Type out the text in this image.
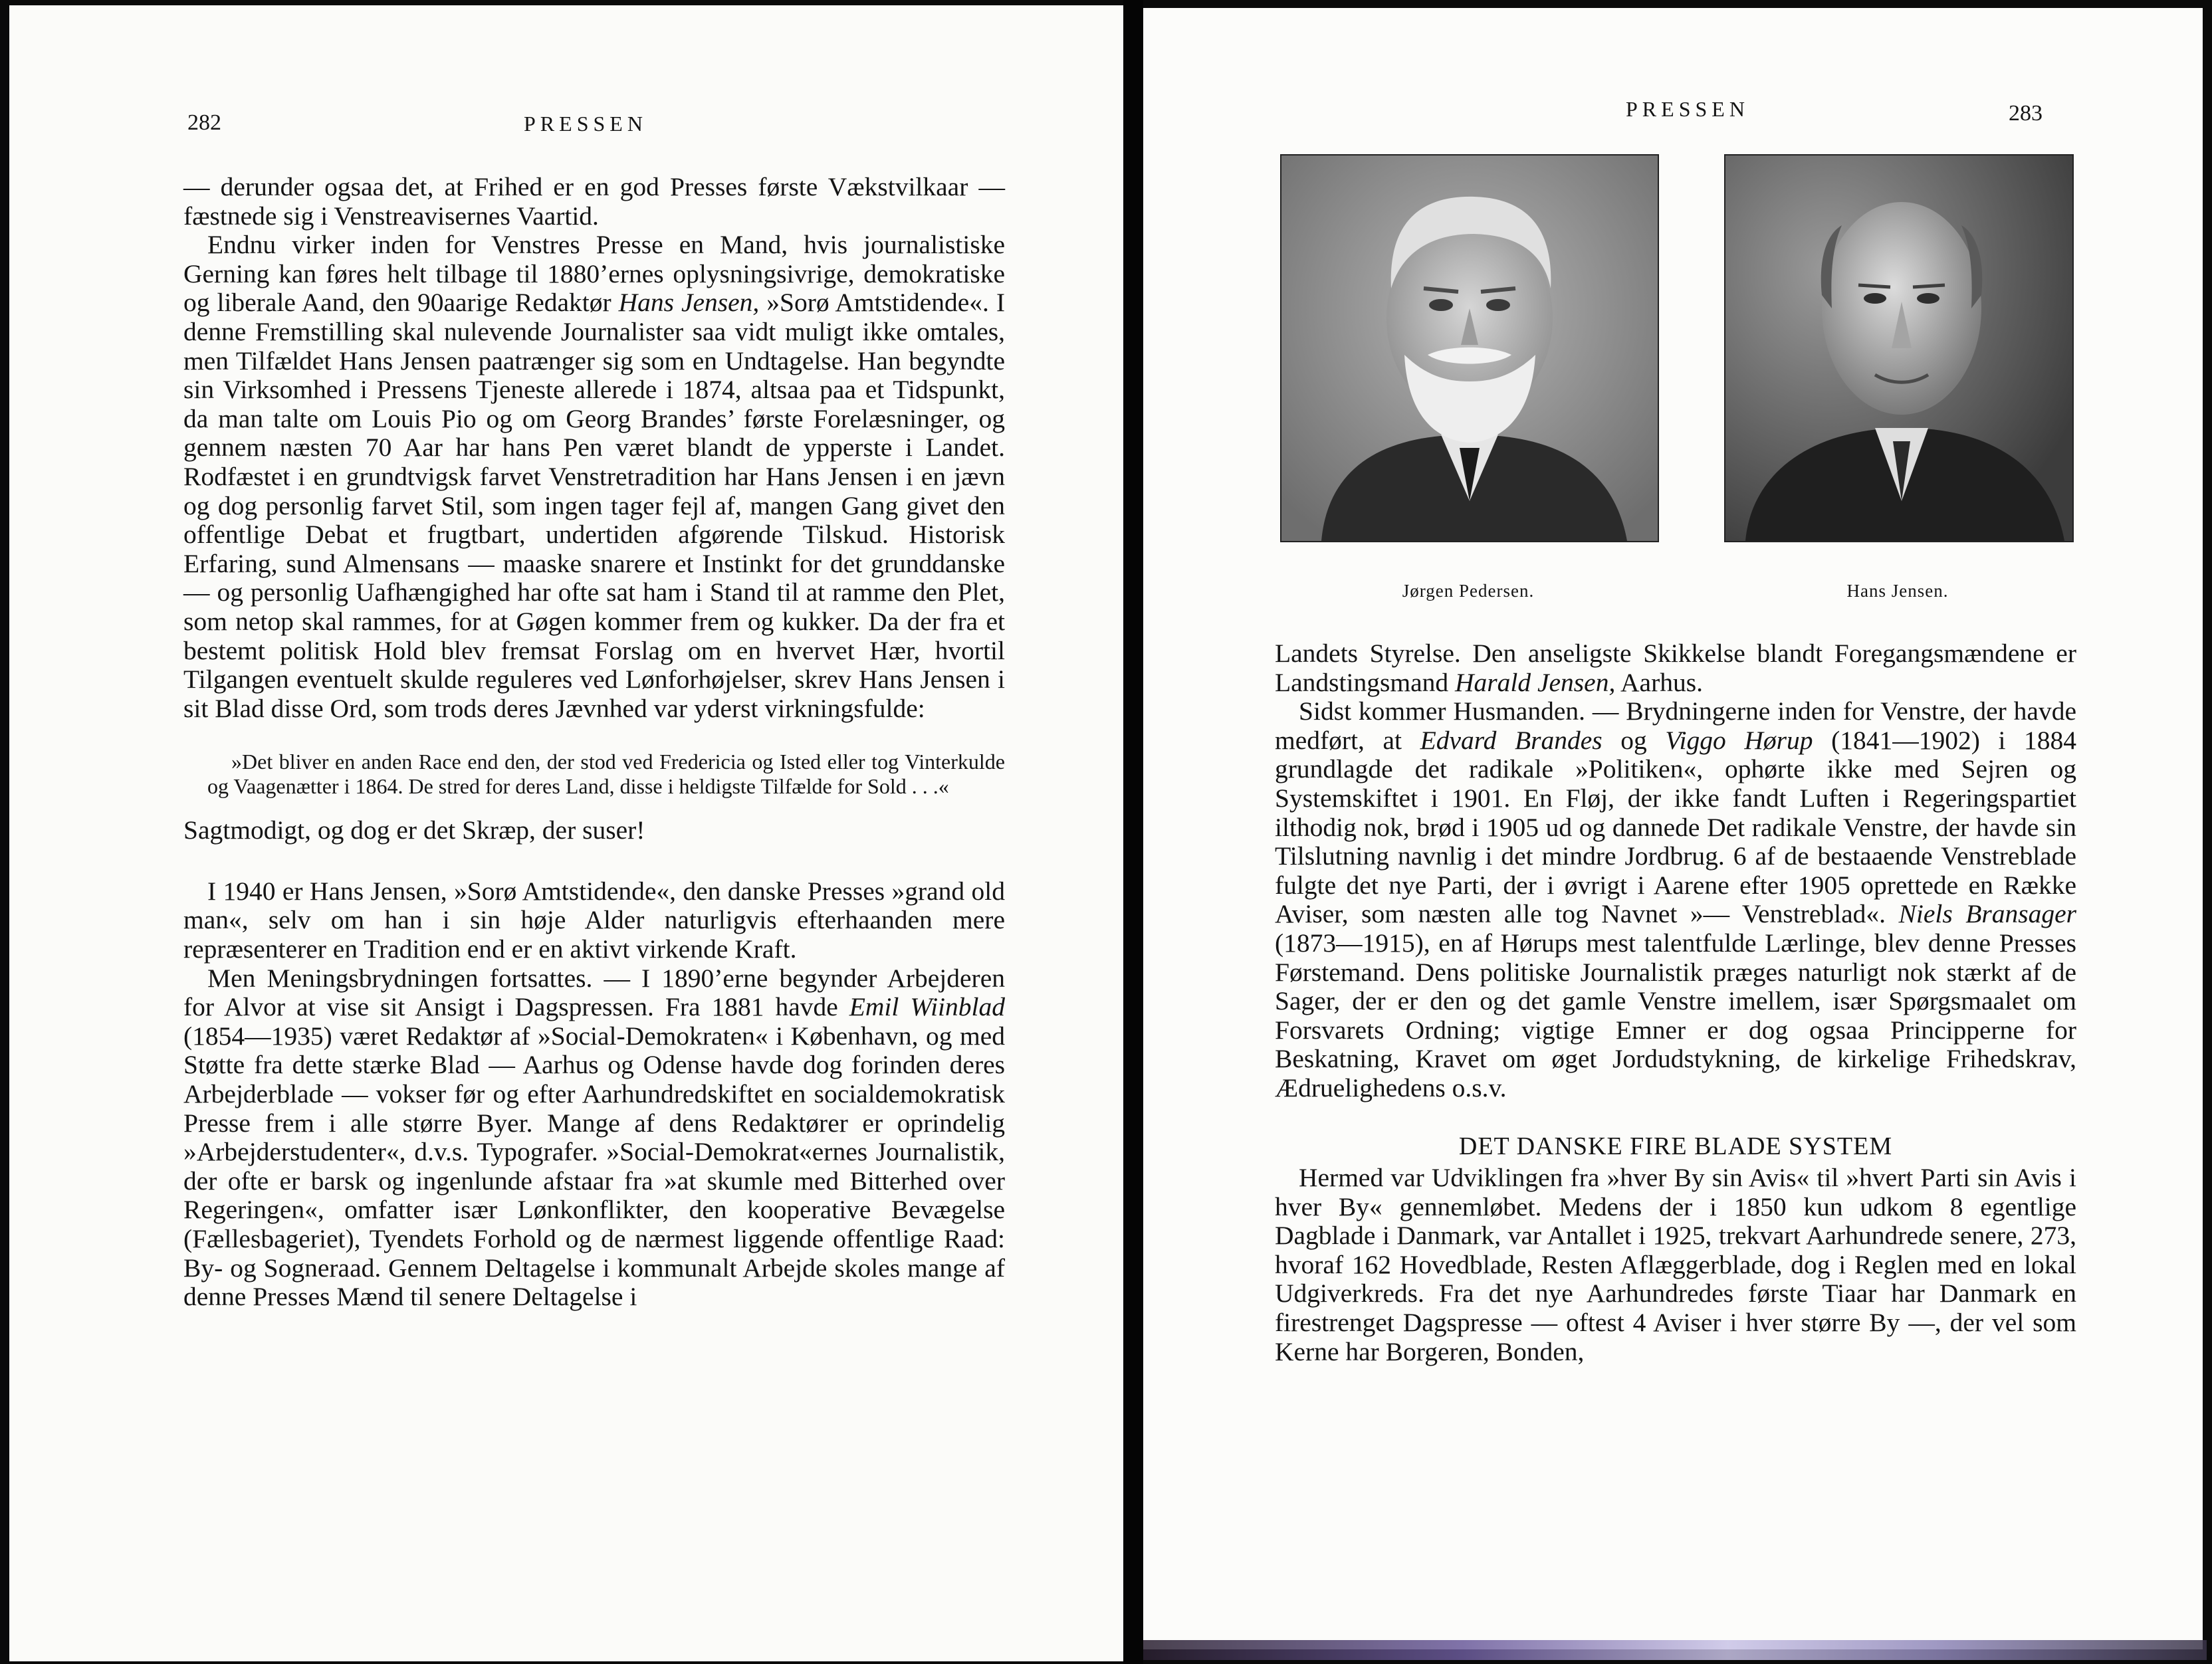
282	PRESSEN

— derunder ogsaa det, at Frihed er en god Presses første Vækstvilkaar — fæstnede sig i Venstreavisernes Vaartid.

Endnu virker inden for Venstres Presse en Mand, hvis journalistiske Gerning kan føres helt tilbage til 1880’ernes oplysningsivrige, demokratiske og liberale Aand, den 90aarige Redaktør Hans Jensen, »Sorø Amtstidende«. I denne Fremstilling skal nulevende Journalister saa vidt muligt ikke omtales, men Tilfældet Hans Jensen paatrænger sig som en Undtagelse. Han begyndte sin Virksomhed i Pressens Tjeneste allerede i 1874, altsaa paa et Tidspunkt, da man talte om Louis Pio og om Georg Brandes’ første Forelæsninger, og gennem næsten 70 Aar har hans Pen været blandt de ypperste i Landet. Rodfæstet i en grundtvigsk farvet Venstretradition har Hans Jensen i en jævn og dog personlig farvet Stil, som ingen tager fejl af, mangen Gang givet den offentlige Debat et frugtbart, undertiden afgørende Tilskud. Historisk Erfaring, sund Almensans — maaske snarere et Instinkt for det grunddanske — og personlig Uafhængighed har ofte sat ham i Stand til at ramme den Plet, som netop skal rammes, for at Gøgen kommer frem og kukker. Da der fra et bestemt politisk Hold blev fremsat Forslag om en hvervet Hær, hvortil Tilgangen eventuelt skulde reguleres ved Lønforhøjelser, skrev Hans Jensen i sit Blad disse Ord, som trods deres Jævnhed var yderst virkningsfulde:

»Det bliver en anden Race end den, der stod ved Fredericia og Isted eller tog Vinterkulde og Vaagenætter i 1864. De stred for deres Land, disse i heldigste Tilfælde for Sold . . .«

Sagtmodigt, og dog er det Skræp, der suser!

I 1940 er Hans Jensen, »Sorø Amtstidende«, den danske Presses »grand old man«, selv om han i sin høje Alder naturligvis efterhaanden mere repræsenterer en Tradition end er en aktivt virkende Kraft.

Men Meningsbrydningen fortsattes. — I 1890’erne begynder Arbejderen for Alvor at vise sit Ansigt i Dagspressen. Fra 1881 havde Emil Wiinblad (1854—1935) været Redaktør af »Social-Demokraten« i København, og med Støtte fra dette stærke Blad — Aarhus og Odense havde dog forinden deres Arbejderblade — vokser før og efter Aarhundredskiftet en socialdemokratisk Presse frem i alle større Byer. Mange af dens Redaktører er oprindelig »Arbejderstudenter«, d.v.s. Typografer. »Social-Demokrat«ernes Journalistik, der ofte er barsk og ingenlunde afstaar fra »at skumle med Bitterhed over Regeringen«, omfatter især Lønkonflikter, den kooperative Bevægelse (Fællesbageriet), Tyendets Forhold og de nærmest liggende offentlige Raad: By- og Sogneraad. Gennem Deltagelse i kommunalt Arbejde skoles mange af denne Presses Mænd til senere Deltagelse i

PRESSEN	283
Jørgen Pedersen.	Hans Jensen.

Landets Styrelse. Den anseligste Skikkelse blandt Foregangsmændene er Landstingsmand Harald Jensen, Aarhus.

Sidst kommer Husmanden. — Brydningerne inden for Venstre, der havde medført, at Edvard Brandes og Viggo Hørup (1841—1902) i 1884 grundlagde det radikale »Politiken«, ophørte ikke med Sejren og Systemskiftet i 1901. En Fløj, der ikke fandt Luften i Regeringspartiet ilthodig nok, brød i 1905 ud og dannede Det radikale Venstre, der havde sin Tilslutning navnlig i det mindre Jordbrug. 6 af de bestaaende Venstreblade fulgte det nye Parti, der i øvrigt i Aarene efter 1905 oprettede en Række Aviser, som næsten alle tog Navnet »— Venstreblad«. Niels Bransager (1873—1915), en af Hørups mest talentfulde Lærlinge, blev denne Presses Førstemand. Dens politiske Journalistik præges naturligt nok stærkt af de Sager, der er den og det gamle Venstre imellem, især Spørgsmaalet om Forsvarets Ordning; vigtige Emner er dog ogsaa Principperne for Beskatning, Kravet om øget Jordudstykning, de kirkelige Frihedskrav, Ædruelighedens o.s.v.

DET DANSKE FIRE BLADE SYSTEM

Hermed var Udviklingen fra »hver By sin Avis« til »hvert Parti sin Avis i hver By« gennemløbet. Medens der i 1850 kun udkom 8 egentlige Dagblade i Danmark, var Antallet i 1925, trekvart Aarhundrede senere, 273, hvoraf 162 Hovedblade, Resten Aflæggerblade, dog i Reglen med en lokal Udgiverkreds. Fra det nye Aarhundredes første Tiaar har Danmark en firestrenget Dagspresse — oftest 4 Aviser i hver større By —, der vel som Kerne har Borgeren, Bonden,
